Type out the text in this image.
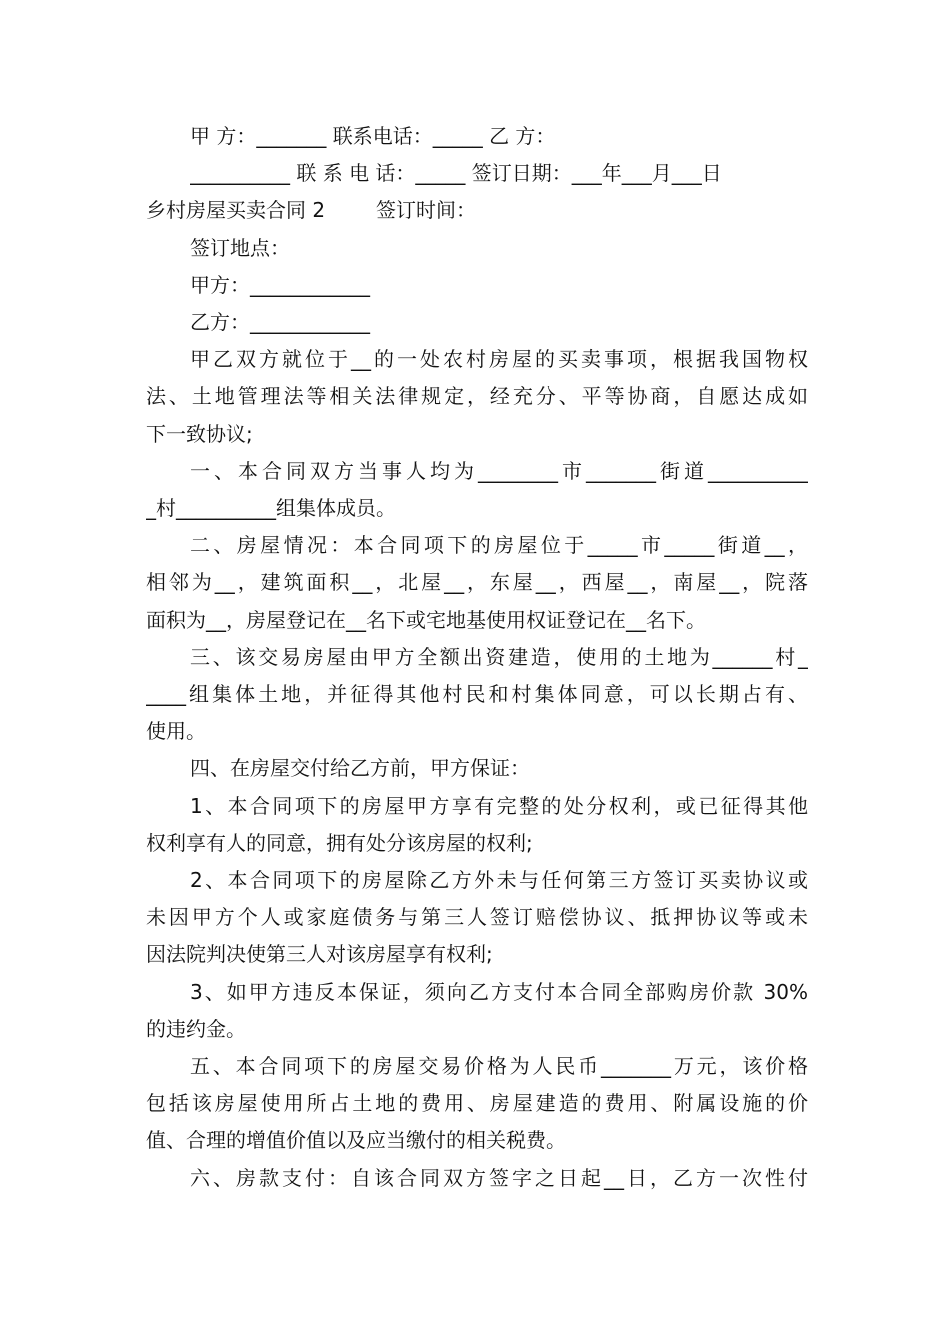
甲 方：_______ 联系电话：_____ 乙 方：
__________ 联 系 电 话：_____ 签订日期：___年___月___日
乡村房屋买卖合同 2        签订时间：
签订地点：
甲方：____________
乙方：____________
甲乙双方就位于__的一处农村房屋的买卖事项，根据我国物权
法、土地管理法等相关法律规定，经充分、平等协商，自愿达成如
下一致协议;
一、本合同双方当事人均为________市_______街道__________
_村__________组集体成员。
二、房屋情况：本合同项下的房屋位于_____市_____街道__，
相邻为__，建筑面积__，北屋__，东屋__，西屋__，南屋__，院落
面积为__，房屋登记在__名下或宅地基使用权证登记在__名下。
三、该交易房屋由甲方全额出资建造，使用的土地为______村_
____组集体土地，并征得其他村民和村集体同意，可以长期占有、
使用。
四、在房屋交付给乙方前，甲方保证：
1、本合同项下的房屋甲方享有完整的处分权利，或已征得其他
权利享有人的同意，拥有处分该房屋的权利;
2、本合同项下的房屋除乙方外未与任何第三方签订买卖协议或
未因甲方个人或家庭债务与第三人签订赔偿协议、抵押协议等或未
因法院判决使第三人对该房屋享有权利;
3、如甲方违反本保证，须向乙方支付本合同全部购房价款 30%
的违约金。
五、本合同项下的房屋交易价格为人民币_______万元，该价格
包括该房屋使用所占土地的费用、房屋建造的费用、附属设施的价
值、合理的增值价值以及应当缴付的相关税费。
六、房款支付：自该合同双方签字之日起__日，乙方一次性付
